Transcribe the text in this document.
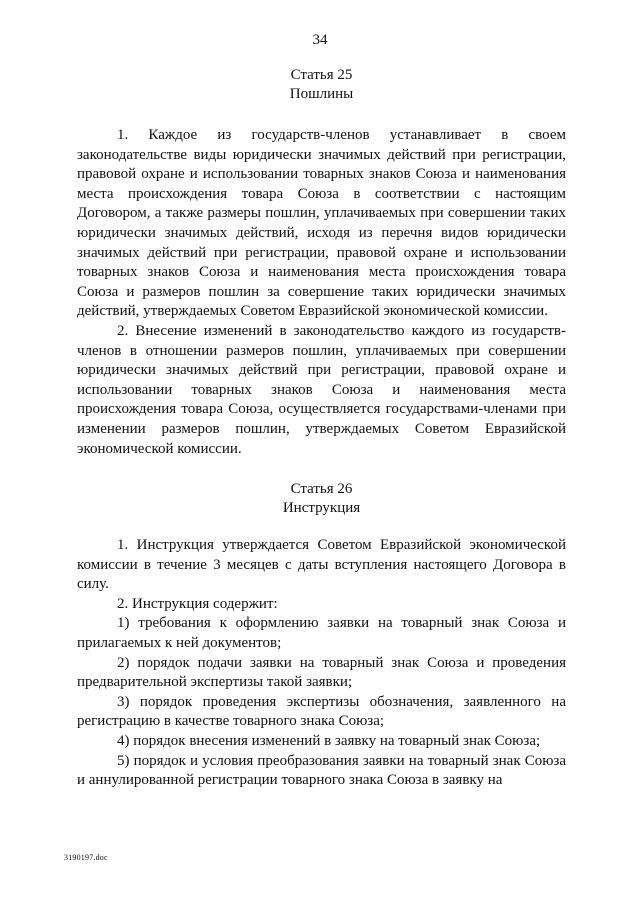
34
Статья 25
Пошлины

1. Каждое из государств-членов устанавливает в своем законодательстве виды юридически значимых действий при регистрации, правовой охране и использовании товарных знаков Союза и наименования места происхождения товара Союза в соответствии с настоящим Договором, а также размеры пошлин, уплачиваемых при совершении таких юридически значимых действий, исходя из перечня видов юридически значимых действий при регистрации, правовой охране и использовании товарных знаков Союза и наименования места происхождения товара Союза и размеров пошлин за совершение таких юридически значимых действий, утверждаемых Советом Евразийской экономической комиссии.

2. Внесение изменений в законодательство каждого из государств-членов в отношении размеров пошлин, уплачиваемых при совершении юридически значимых действий при регистрации, правовой охране и использовании товарных знаков Союза и наименования места происхождения товара Союза, осуществляется государствами-членами при изменении размеров пошлин, утверждаемых Советом Евразийской экономической комиссии.

Статья 26
Инструкция

1. Инструкция утверждается Советом Евразийской экономической комиссии в течение 3 месяцев с даты вступления настоящего Договора в силу.

2. Инструкция содержит:

1) требования к оформлению заявки на товарный знак Союза и прилагаемых к ней документов;

2) порядок подачи заявки на товарный знак Союза и проведения предварительной экспертизы такой заявки;

3) порядок проведения экспертизы обозначения, заявленного на регистрацию в качестве товарного знака Союза;

4) порядок внесения изменений в заявку на товарный знак Союза;

5) порядок и условия преобразования заявки на товарный знак Союза и аннулированной регистрации товарного знака Союза в заявку на

3190197.doc
